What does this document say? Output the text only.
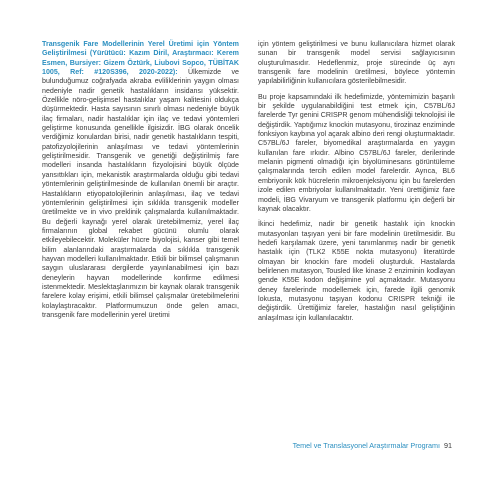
Transgenik Fare Modellerinin Yerel Üretimi için Yöntem Geliştirilmesi (Yürütücü: Kazım Diril, Araştırmacı: Kerem Esmen, Bursiyer: Gizem Öztürk, Liubovi Sopco, TÜBİTAK 1005, Ref: #120S396, 2020-2022): Ülkemizde ve bulunduğumuz coğrafyada akraba evliliklerinin yaygın olması nedeniyle nadir genetik hastalıkların insidansı yüksektir. Özellikle nöro-gelişimsel hastalıklar yaşam kalitesini oldukça düşürmektedir. Hasta sayısının sınırlı olması nedeniyle büyük ilaç firmaları, nadir hastalıklar için ilaç ve tedavi yöntemleri geliştirme konusunda genellikle ilgisizdir. İBG olarak öncelik verdiğimiz konulardan birisi, nadir genetik hastalıkların tespiti, patofizyolojilerinin anlaşılması ve tedavi yöntemlerinin geliştirilmesidir. Transgenik ve genetiği değiştirilmiş fare modelleri insanda hastalıkların fizyolojisini büyük ölçüde yansıttıkları için, mekanistik araştırmalarda olduğu gibi tedavi yöntemlerinin geliştirilmesinde de kullanılan önemli bir araçtır. Hastalıkların etiyopatolojilerinin anlaşılması, ilaç ve tedavi yöntemlerinin geliştirilmesi için sıklıkla transgenik modeller üretilmekte ve in vivo preklinik çalışmalarda kullanılmaktadır. Bu değerli kaynağı yerel olarak üretebilmemiz, yerel ilaç firmalarının global rekabet gücünü olumlu olarak etkileyebilecektir. Moleküler hücre biyolojisi, kanser gibi temel bilim alanlarındaki araştırmalarda da sıklıkla transgenik hayvan modelleri kullanılmaktadır. Etkili bir bilimsel çalışmanın saygın uluslararası dergilerde yayınlanabilmesi için bazı deneylerin hayvan modellerinde konfirme edilmesi istenmektedir. Meslektaşlarımızın bir kaynak olarak transgenik farelere kolay erişimi, etkili bilimsel çalışmalar üretebilmelerini kolaylaştıracaktır. Platformumuzun önde gelen amacı, transgenik fare modellerinin yerel üretimi

için yöntem geliştirilmesi ve bunu kullanıcılara hizmet olarak sunan bir transgenik model servisi sağlayıcısının oluşturulmasıdır. Hedeflenmiz, proje sürecinde üç ayrı transgenik fare modelinin üretilmesi, böylece yöntemin yapılabilirliğinin kullanıcılara gösterilebilmesidir.

Bu proje kapsamındaki ilk hedefimizde, yöntemimizin başarılı bir şekilde uygulanabildiğini test etmek için, C57BL/6J farelerde Tyr genini CRISPR genom mühendisliği teknolojisi ile değiştirdik. Yaptığımız knockin mutasyonu, tirozinaz enziminde fonksiyon kaybına yol açarak albino deri rengi oluşturmaktadır. C57BL/6J fareler, biyomedikal araştırmalarda en yaygın kullanılan fare ırkıdır. Albino C57BL/6J fareler, derilerinde melanin pigmenti olmadığı için biyolüminesans görüntüleme çalışmalarında tercih edilen model farelerdir. Ayrıca, BL6 embriyonik kök hücrelerin mikroenjeksiyonu için bu farelerden izole edilen embriyolar kullanılmaktadır. Yeni ürettiğimiz fare modeli, İBG Vivaryum ve transgenik platformu için değerli bir kaynak olacaktır.

İkinci hedefimiz, nadir bir genetik hastalık için knockin mutasyonları taşıyan yeni bir fare modelinin üretilmesidir. Bu hedefi karşılamak üzere, yeni tanımlanmış nadir bir genetik hastalık için (TLK2 K55E nokta mutasyonu) literatürde olmayan bir knockin fare modeli oluşturduk. Hastalarda belirlenen mutasyon, Tousled like kinase 2 enziminin kodlayan gende K55E kodon değişimine yol açmaktadır. Mutasyonu deney farelerinde modellemek için, farede ilgili genomik lokusta, mutasyonu taşıyan kodonu CRISPR tekniği ile değiştirdik. Ürettiğimiz fareler, hastalığın nasıl geliştiğinin anlaşılması için kullanılacaktır.

Temel ve Translasyonel Araştırmalar Programı 91
